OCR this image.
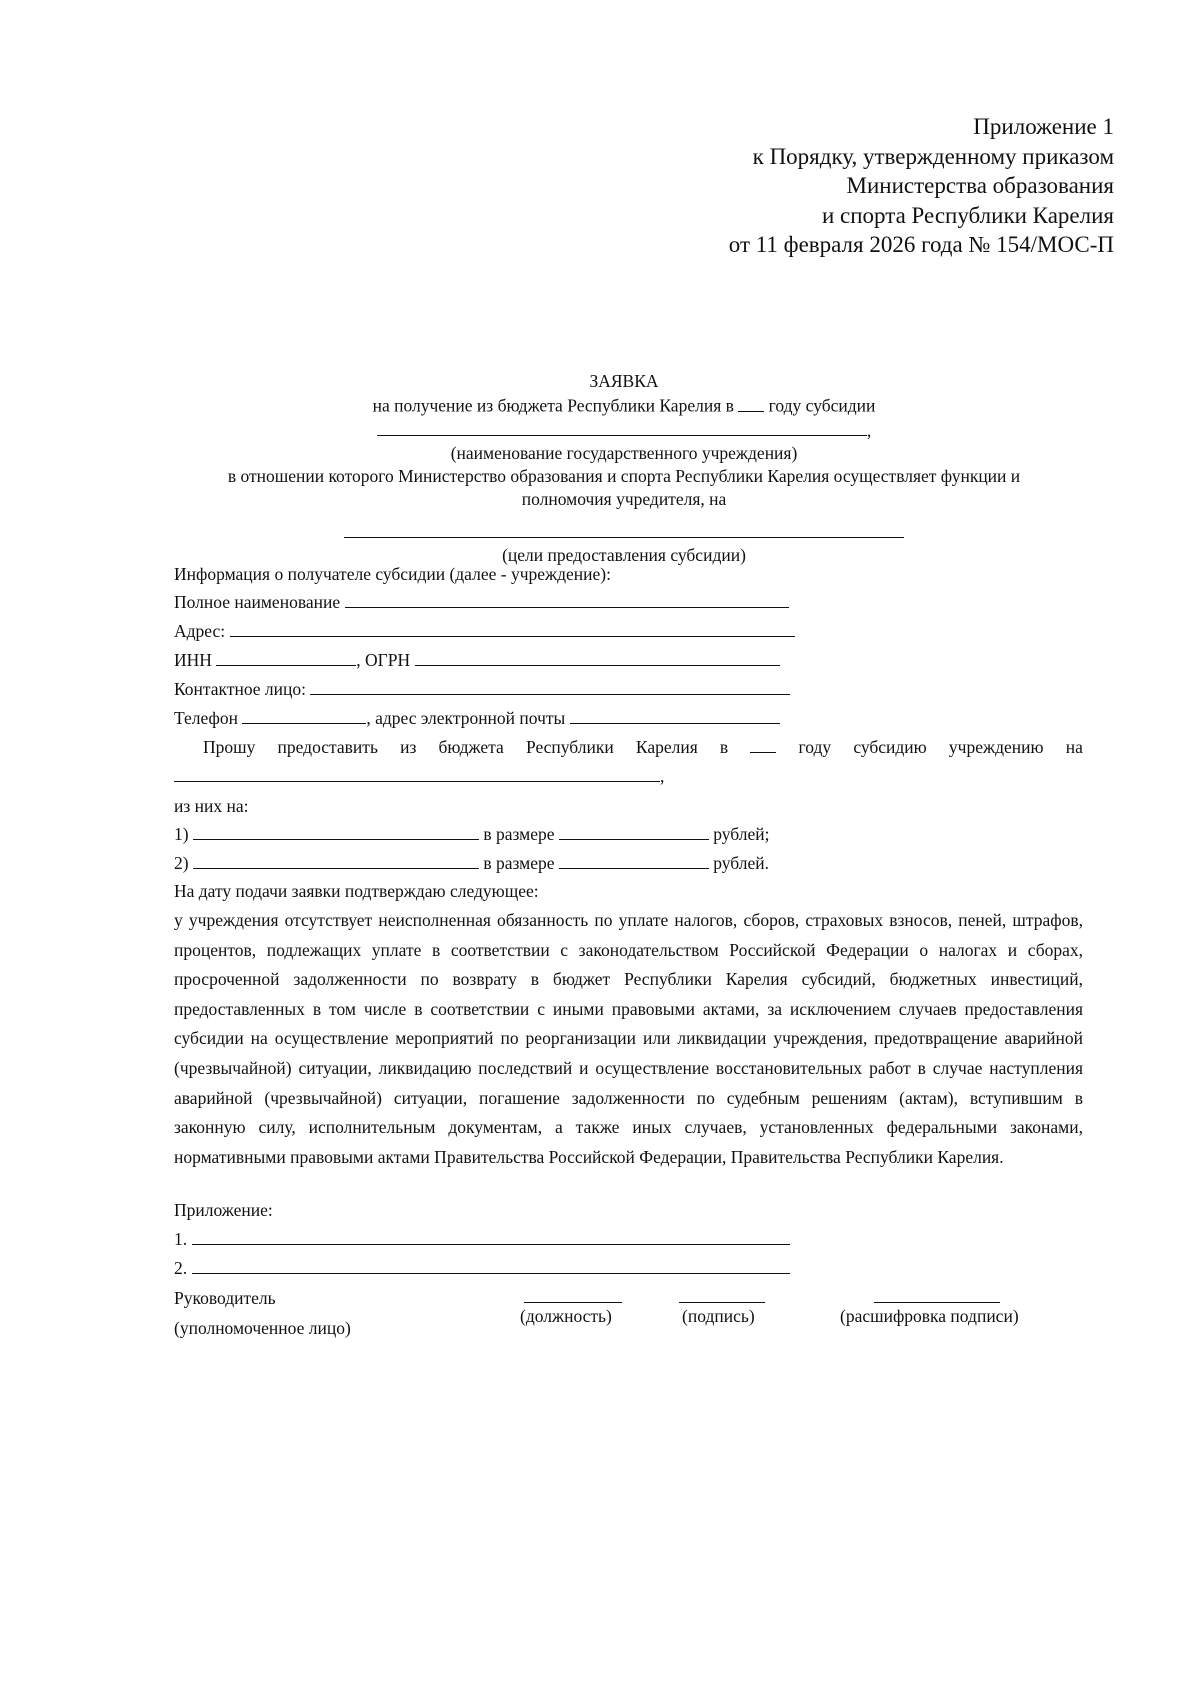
Приложение 1
к Порядку, утвержденному приказом
Министерства образования
и спорта Республики Карелия
от 11 февраля 2026 года № 154/МОС-П
ЗАЯВКА
на получение из бюджета Республики Карелия в году субсидии
,
(наименование государственного учреждения)
в отношении которого Министерство образования и спорта Республики Карелия осуществляет функции и
полномочия учредителя, на
(цели предоставления субсидии)
Информация о получателе субсидии (далее - учреждение):
Полное наименование
Адрес:
ИНН	, ОГРН
Контактное лицо:
Телефон	, адрес электронной почты
Прошу предоставить из бюджета Республики Карелия в	году субсидию учреждению на
,
из них на:
1)	в размере	рублей;
2)	в размере	рублей.
На дату подачи заявки подтверждаю следующее:
у учреждения отсутствует неисполненная обязанность по уплате налогов, сборов, страховых взносов, пеней, штрафов, процентов, подлежащих уплате в соответствии с законодательством Российской Федерации о налогах и сборах, просроченной задолженности по возврату в бюджет Республики Карелия субсидий, бюджетных инвестиций, предоставленных в том числе в соответствии с иными правовыми актами, за исключением случаев предоставления субсидии на осуществление мероприятий по реорганизации или ликвидации учреждения, предотвращение аварийной (чрезвычайной) ситуации, ликвидацию последствий и осуществление восстановительных работ в случае наступления аварийной (чрезвычайной) ситуации, погашение задолженности по судебным решениям (актам), вступившим в законную силу, исполнительным документам, а также иных случаев, установленных федеральными законами, нормативными правовыми актами Правительства Российской Федерации, Правительства Республики Карелия.
Приложение:
1.
2.
Руководитель
(уполномоченное лицо)
(должность)	(подпись)	(расшифровка подписи)
